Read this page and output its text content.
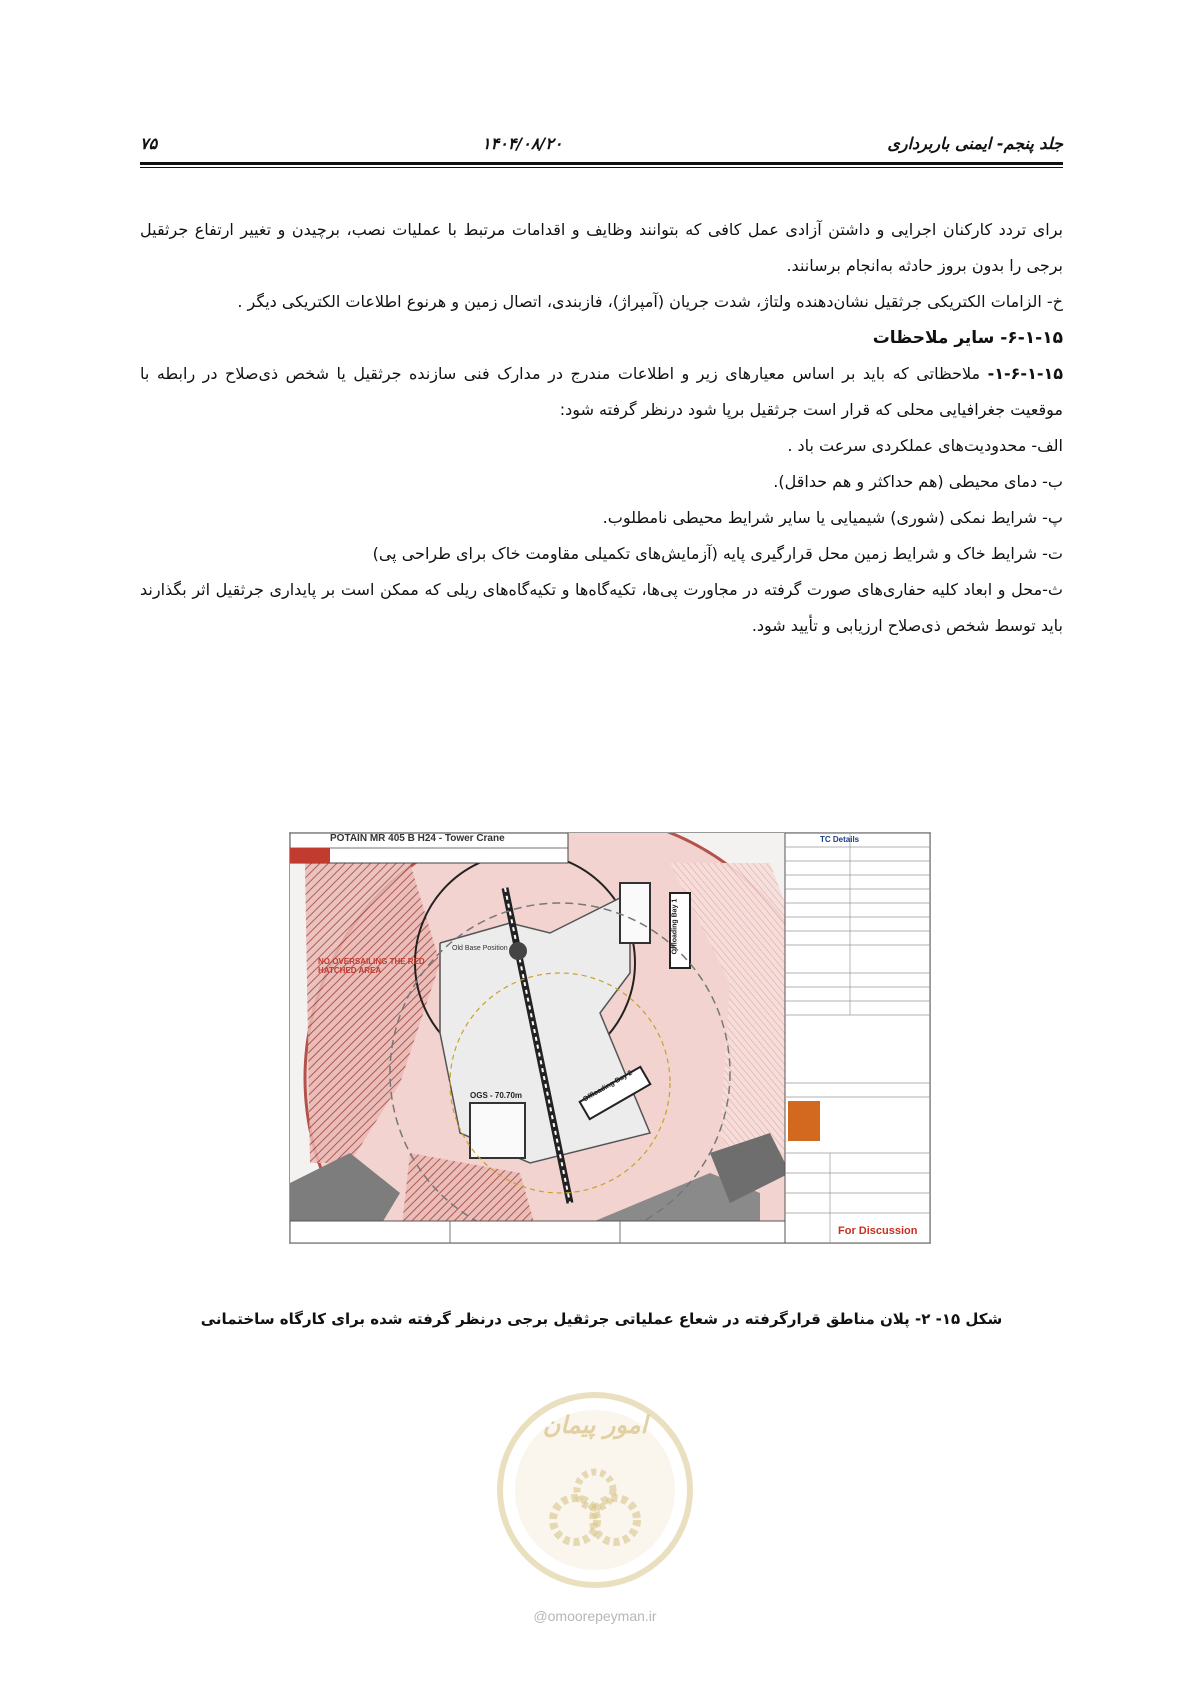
جلد پنجم- ایمنی باربرداری
۱۴۰۴/۰۸/۲۰
۷۵

برای تردد کارکنان اجرایی و داشتن آزادی عمل کافی که بتوانند وظایف و اقدامات مرتبط با عملیات نصب، برچیدن و تغییر ارتفاع جرثقیل برجی را بدون بروز حادثه به‌انجام برسانند.

خ- الزامات الکتریکی جرثقیل نشان‌دهنده ولتاژ، شدت جریان (آمپراژ)، فازبندی، اتصال زمین و هرنوع اطلاعات الکتریکی دیگر .

۶-۱-۱۵- سایر ملاحظات

۱-۶-۱-۱۵- ملاحظاتی که باید بر اساس معیارهای زیر و اطلاعات مندرج در مدارک فنی سازنده جرثقیل یا شخص ذی‌صلاح در رابطه با موقعیت جغرافیایی محلی که قرار است جرثقیل برپا شود درنظر گرفته شود:

الف- محدودیت‌های عملکردی سرعت باد .

ب- دمای محیطی (هم حداکثر و هم حداقل).

پ- شرایط نمکی (شوری) شیمیایی یا سایر شرایط محیطی نامطلوب.

ت- شرایط خاک و شرایط زمین محل قرارگیری پایه (آزمایش‌های تکمیلی مقاومت خاک برای طراحی پی)

ث-محل و ابعاد کلیه حفاری‌های صورت گرفته در مجاورت پی‌ها، تکیه‌گاه‌ها و تکیه‌گاه‌های ریلی که ممکن است بر پایداری جرثقیل اثر بگذارند باید توسط شخص ذی‌صلاح ارزیابی و تأیید شود.

POTAIN MR 405 B H24 - Tower Crane
NO OVERSAILING THE RED HATCHED AREA
Old Base Position
OGS - 70.70m
Offloading Bay 1
Offloading Bay 2
TC Details
For Discussion
شکل ۱۵- ۲- پلان مناطق قرارگرفته در شعاع عملیاتی جرثقیل برجی درنظر گرفته شده برای کارگاه ساختمانی
امور پیمان
@omoorepeyman.ir
